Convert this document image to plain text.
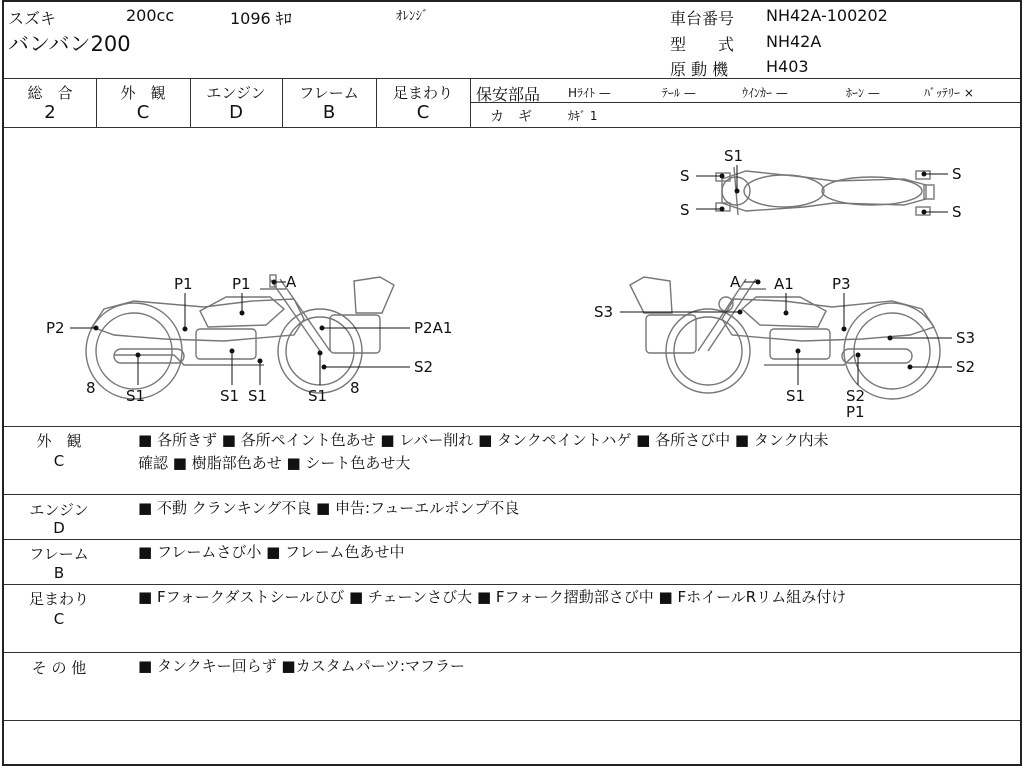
スズキ	200cc	1096 ｷﾛ	ｵﾚﾝｼﾞ
バンバン200
車台番号 NH42A-100202
型　　式 NH42A
原 動 機 H403
総　合
2
外　観
C
エンジン
D
フレーム
B
足まわり
C
保安部品 Hﾗｲﾄ —	ﾃｰﾙ —	ｳｲﾝｶｰ —	ﾎｰﾝ —	ﾊﾞｯﾃﾘｰ ×
カ　ギ	ｶｷﾞ 1
S1
S
S
S
S
P1	P1 A
P2	P2A1
S2
8 S1	S1 S1	S1 8
A A1	P3
S3
S3
S2
S1	S2
P1
外　観
C
■ 各所きず ■ 各所ペイント色あせ ■ レバー削れ ■ タンクペイントハゲ ■ 各所さび中 ■ タンク内未
確認 ■ 樹脂部色あせ ■ シート色あせ大
エンジン
D
■ 不動 クランキング不良 ■ 申告:フューエルポンプ不良
フレーム
B
■ フレームさび小 ■ フレーム色あせ中
足まわり
C
■ Fフォークダストシールひび ■ チェーンさび大 ■ Fフォーク摺動部さび中 ■ FホイールRリム組み付け
そ の 他	■ タンクキー回らず ■カスタムパーツ:マフラー
